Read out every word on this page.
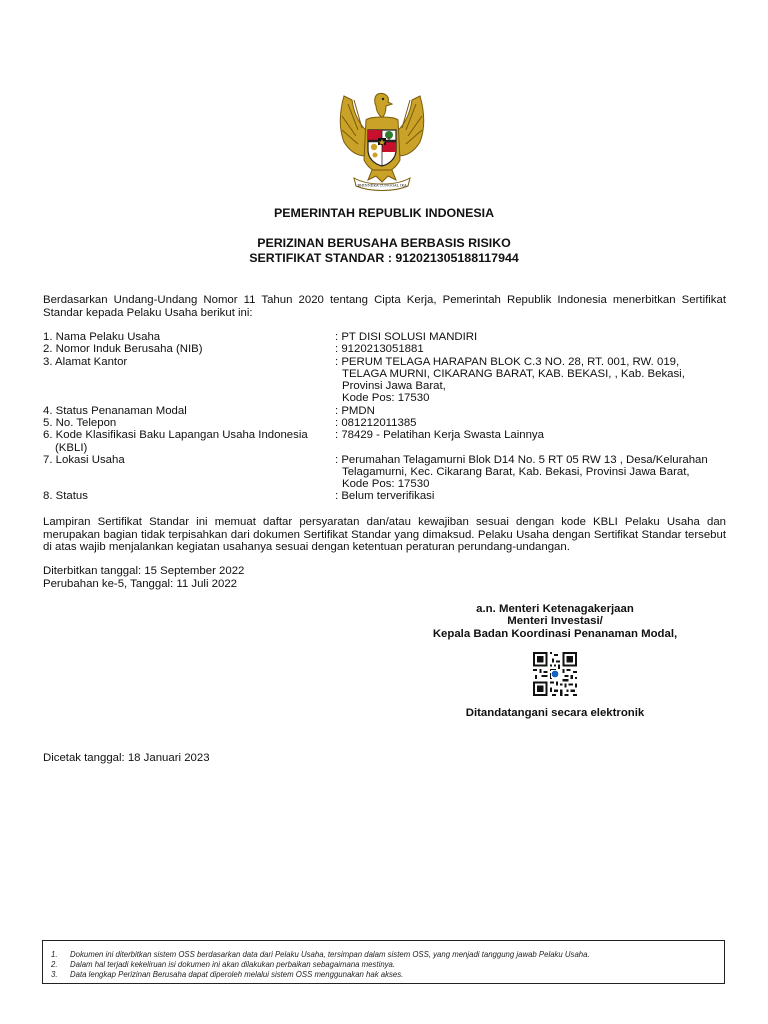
BHINNEKA TUNGGAL IKA
PEMERINTAH REPUBLIK INDONESIA
PERIZINAN BERUSAHA BERBASIS RISIKO
SERTIFIKAT STANDAR : 912021305188117944
Berdasarkan Undang-Undang Nomor 11 Tahun 2020 tentang Cipta Kerja, Pemerintah Republik Indonesia menerbitkan Sertifikat Standar kepada Pelaku Usaha berikut ini:
1. Nama Pelaku Usaha	: PT DISI SOLUSI MANDIRI
2. Nomor Induk Berusaha (NIB)	: 9120213051881
3. Alamat Kantor	: PERUM TELAGA HARAPAN BLOK C.3 NO. 28, RT. 001, RW. 019,
TELAGA MURNI, CIKARANG BARAT, KAB. BEKASI, , Kab. Bekasi,
Provinsi Jawa Barat,
Kode Pos: 17530
4. Status Penanaman Modal	: PMDN
5. No. Telepon	: 081212011385
6. Kode Klasifikasi Baku Lapangan Usaha Indonesia
(KBLI)
: 78429 - Pelatihan Kerja Swasta Lainnya
7. Lokasi Usaha	: Perumahan Telagamurni Blok D14 No. 5 RT 05 RW 13 , Desa/Kelurahan
Telagamurni, Kec. Cikarang Barat, Kab. Bekasi, Provinsi Jawa Barat,
Kode Pos: 17530
8. Status	: Belum terverifikasi
Lampiran Sertifikat Standar ini memuat daftar persyaratan dan/atau kewajiban sesuai dengan kode KBLI Pelaku Usaha dan merupakan bagian tidak terpisahkan dari dokumen Sertifikat Standar yang dimaksud. Pelaku Usaha dengan Sertifikat Standar tersebut di atas wajib menjalankan kegiatan usahanya sesuai dengan ketentuan peraturan perundang-undangan.
Diterbitkan tanggal: 15 September 2022
Perubahan ke-5, Tanggal: 11 Juli 2022
a.n. Menteri Ketenagakerjaan
Menteri Investasi/
Kepala Badan Koordinasi Penanaman Modal,
Ditandatangani secara elektronik
Dicetak tanggal: 18 Januari 2023
1. Dokumen ini diterbitkan sistem OSS berdasarkan data dari Pelaku Usaha, tersimpan dalam sistem OSS, yang menjadi tanggung jawab Pelaku Usaha.
2. Dalam hal terjadi kekeliruan isi dokumen ini akan dilakukan perbaikan sebagaimana mestinya.
3. Data lengkap Perizinan Berusaha dapat diperoleh melalui sistem OSS menggunakan hak akses.
